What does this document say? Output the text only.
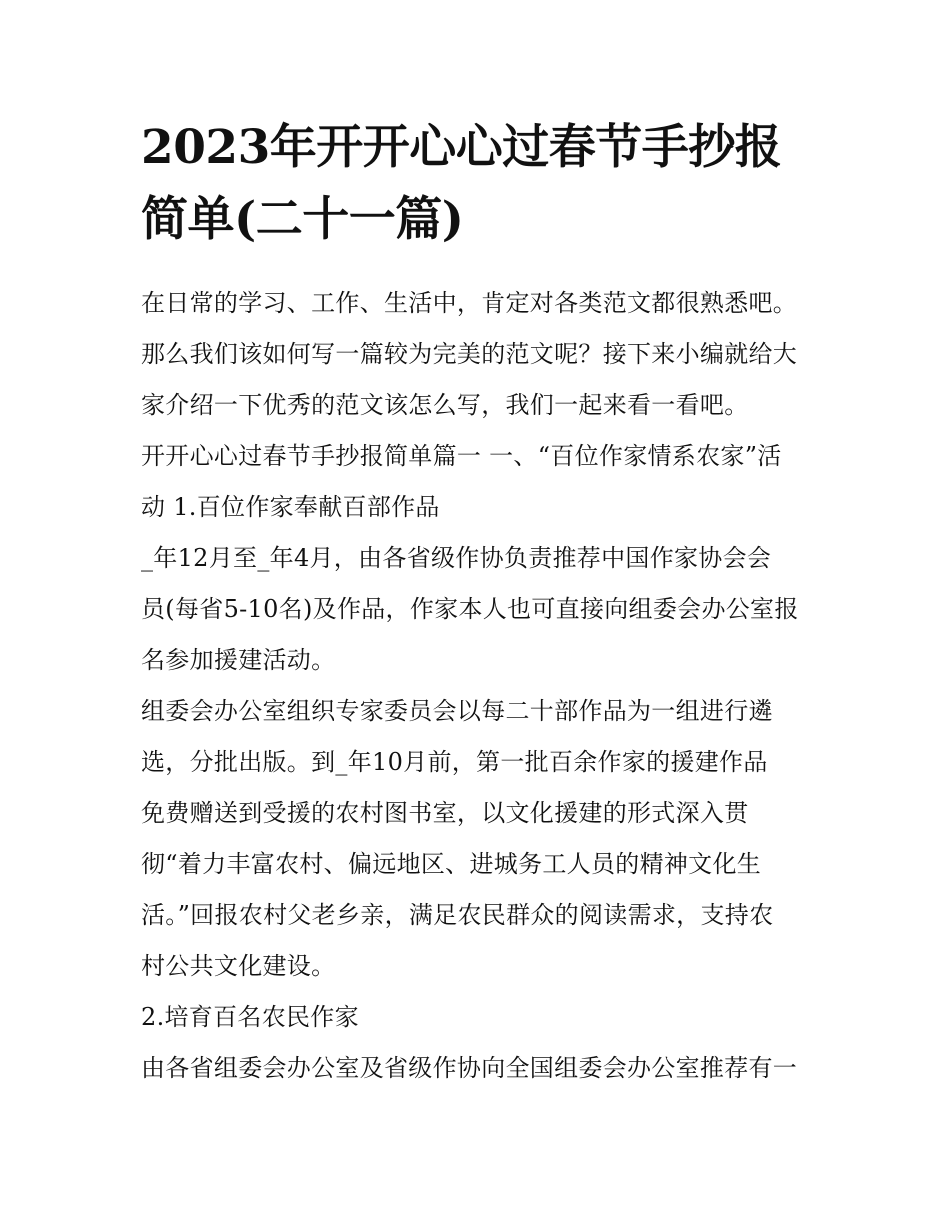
2023年开开心心过春节手抄报
简单(二十一篇)
在日常的学习、工作、生活中，肯定对各类范文都很熟悉吧。
那么我们该如何写一篇较为完美的范文呢？接下来小编就给大
家介绍一下优秀的范文该怎么写，我们一起来看一看吧。
开开心心过春节手抄报简单篇一 一、“百位作家情系农家”活
动 1.百位作家奉献百部作品
_年12月至_年4月，由各省级作协负责推荐中国作家协会会
员(每省5-10名)及作品，作家本人也可直接向组委会办公室报
名参加援建活动。
组委会办公室组织专家委员会以每二十部作品为一组进行遴
选，分批出版。到_年10月前，第一批百余作家的援建作品
免费赠送到受援的农村图书室，以文化援建的形式深入贯
彻“着力丰富农村、偏远地区、进城务工人员的精神文化生
活。”回报农村父老乡亲，满足农民群众的阅读需求，支持农
村公共文化建设。
2.培育百名农民作家
由各省组委会办公室及省级作协向全国组委会办公室推荐有一
